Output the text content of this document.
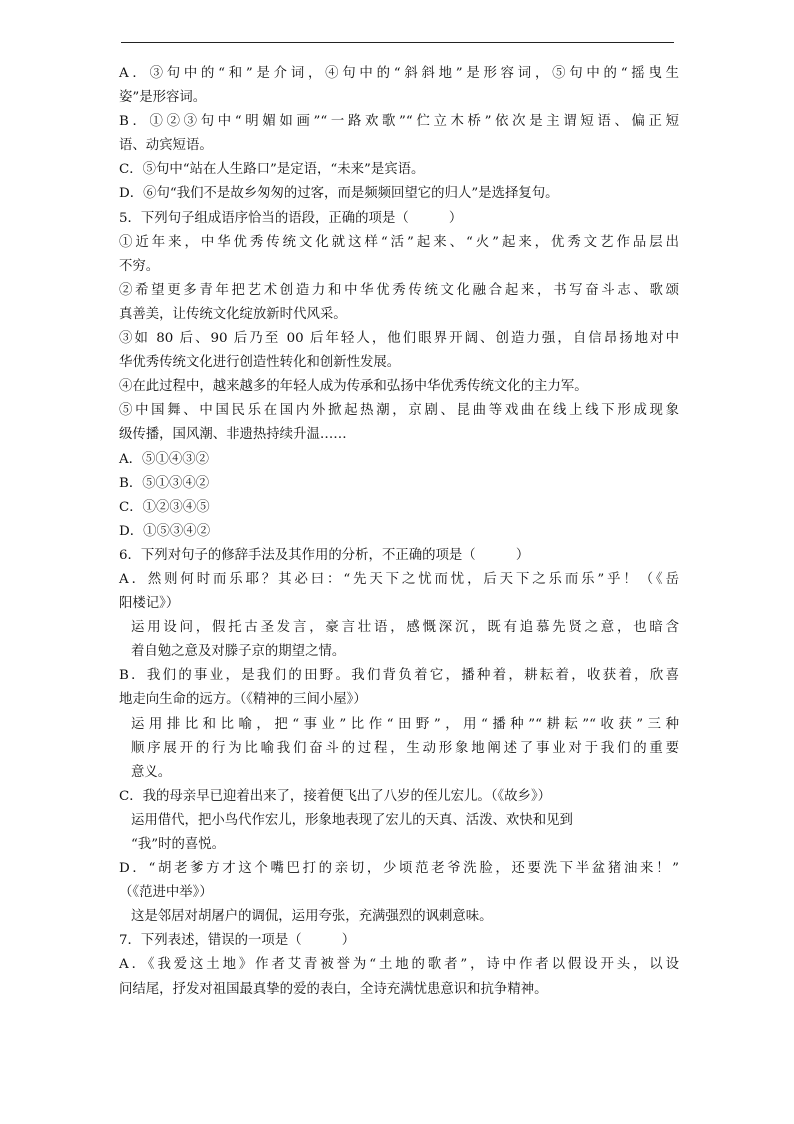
A．③句中的“和”是介词，④句中的“斜斜地”是形容词，⑤句中的“摇曳生
姿”是形容词。
B．①②③句中“明媚如画”“一路欢歌”“伫立木桥”依次是主谓短语、偏正短
语、动宾短语。
C．⑤句中“站在人生路口”是定语，“未来”是宾语。
D．⑥句“我们不是故乡匆匆的过客，而是频频回望它的归人”是选择复句。
5．下列句子组成语序恰当的语段，正确的项是（　　　）
①近年来，中华优秀传统文化就这样“活”起来、“火”起来，优秀文艺作品层出
不穷。
②希望更多青年把艺术创造力和中华优秀传统文化融合起来，书写奋斗志、歌颂
真善美，让传统文化绽放新时代风采。
③如 80 后、90 后乃至 00 后年轻人，他们眼界开阔、创造力强，自信昂扬地对中
华优秀传统文化进行创造性转化和创新性发展。
④在此过程中，越来越多的年轻人成为传承和弘扬中华优秀传统文化的主力军。
⑤中国舞、中国民乐在国内外掀起热潮，京剧、昆曲等戏曲在线上线下形成现象
级传播，国风潮、非遗热持续升温……
A．⑤①④③②
B．⑤①③④②
C．①②③④⑤
D．①⑤③④②
6．下列对句子的修辞手法及其作用的分析，不正确的项是（　　　）
A．然则何时而乐耶？其必曰：“先天下之忧而忧，后天下之乐而乐”乎！（《岳
阳楼记》）
运用设问，假托古圣发言，豪言壮语，感慨深沉，既有追慕先贤之意，也暗含
着自勉之意及对滕子京的期望之情。
B．我们的事业，是我们的田野。我们背负着它，播种着，耕耘着，收获着，欣喜
地走向生命的远方。（《精神的三间小屋》）
运用排比和比喻，把“事业”比作“田野”，用“播种”“耕耘”“收获”三种
顺序展开的行为比喻我们奋斗的过程，生动形象地阐述了事业对于我们的重要
意义。
C．我的母亲早已迎着出来了，接着便飞出了八岁的侄儿宏儿。（《故乡》）
运用借代，把小鸟代作宏儿，形象地表现了宏儿的天真、活泼、欢快和见到
“我”时的喜悦。
D．“胡老爹方才这个嘴巴打的亲切，少顷范老爷洗脸，还要洗下半盆猪油来！”
（《范进中举》）
这是邻居对胡屠户的调侃，运用夸张，充满强烈的讽刺意味。
7．下列表述，错误的一项是（　　　）
A．《我爱这土地》作者艾青被誉为“土地的歌者”，诗中作者以假设开头，以设
问结尾，抒发对祖国最真挚的爱的表白，全诗充满忧患意识和抗争精神。
